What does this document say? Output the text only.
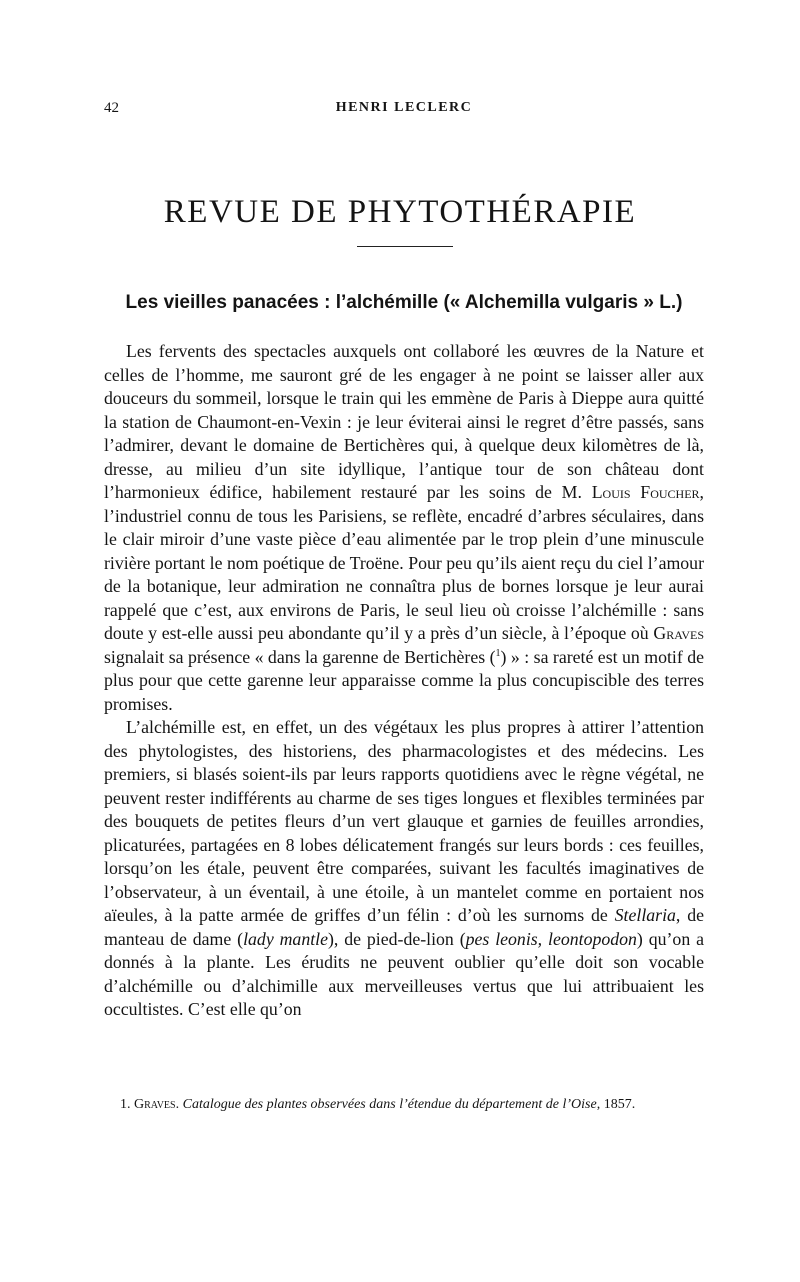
42	HENRI LECLERC
REVUE DE PHYTOTHÉRAPIE
Les vieilles panacées : l’alchémille (« Alchemilla vulgaris » L.)

Les fervents des spectacles auxquels ont collaboré les œuvres de la Nature et celles de l’homme, me sauront gré de les engager à ne point se laisser aller aux douceurs du sommeil, lorsque le train qui les emmène de Paris à Dieppe aura quitté la station de Chaumont-en-Vexin : je leur éviterai ainsi le regret d’être passés, sans l’admirer, devant le domaine de Bertichères qui, à quelque deux kilomètres de là, dresse, au milieu d’un site idyllique, l’antique tour de son château dont l’harmonieux édifice, habilement restauré par les soins de M. Louis Foucher, l’industriel connu de tous les Parisiens, se reflète, encadré d’arbres séculaires, dans le clair miroir d’une vaste pièce d’eau alimentée par le trop plein d’une minuscule rivière portant le nom poétique de Troëne. Pour peu qu’ils aient reçu du ciel l’amour de la botanique, leur admiration ne connaîtra plus de bornes lorsque je leur aurai rappelé que c’est, aux environs de Paris, le seul lieu où croisse l’alchémille : sans doute y est-elle aussi peu abondante qu’il y a près d’un siècle, à l’époque où Graves signalait sa présence « dans la garenne de Bertichères ($^1$) » : sa rareté est un motif de plus pour que cette garenne leur apparaisse comme la plus concupiscible des terres promises.

L’alchémille est, en effet, un des végétaux les plus propres à attirer l’attention des phytologistes, des historiens, des pharmacologistes et des médecins. Les premiers, si blasés soient-ils par leurs rapports quotidiens avec le règne végétal, ne peuvent rester indifférents au charme de ses tiges longues et flexibles terminées par des bouquets de petites fleurs d’un vert glauque et garnies de feuilles arrondies, plicaturées, partagées en 8 lobes délicatement frangés sur leurs bords : ces feuilles, lorsqu’on les étale, peuvent être comparées, suivant les facultés imaginatives de l’observateur, à un éventail, à une étoile, à un mantelet comme en portaient nos aïeules, à la patte armée de griffes d’un félin : d’où les surnoms de Stellaria, de manteau de dame (lady mantle), de pied-de-lion (pes leonis, leontopodon) qu’on a donnés à la plante. Les érudits ne peuvent oublier qu’elle doit son vocable d’alchémille ou d’alchimille aux merveilleuses vertus que lui attribuaient les occultistes. C’est elle qu’on

1. Graves. Catalogue des plantes observées dans l’étendue du département de l’Oise, 1857.
